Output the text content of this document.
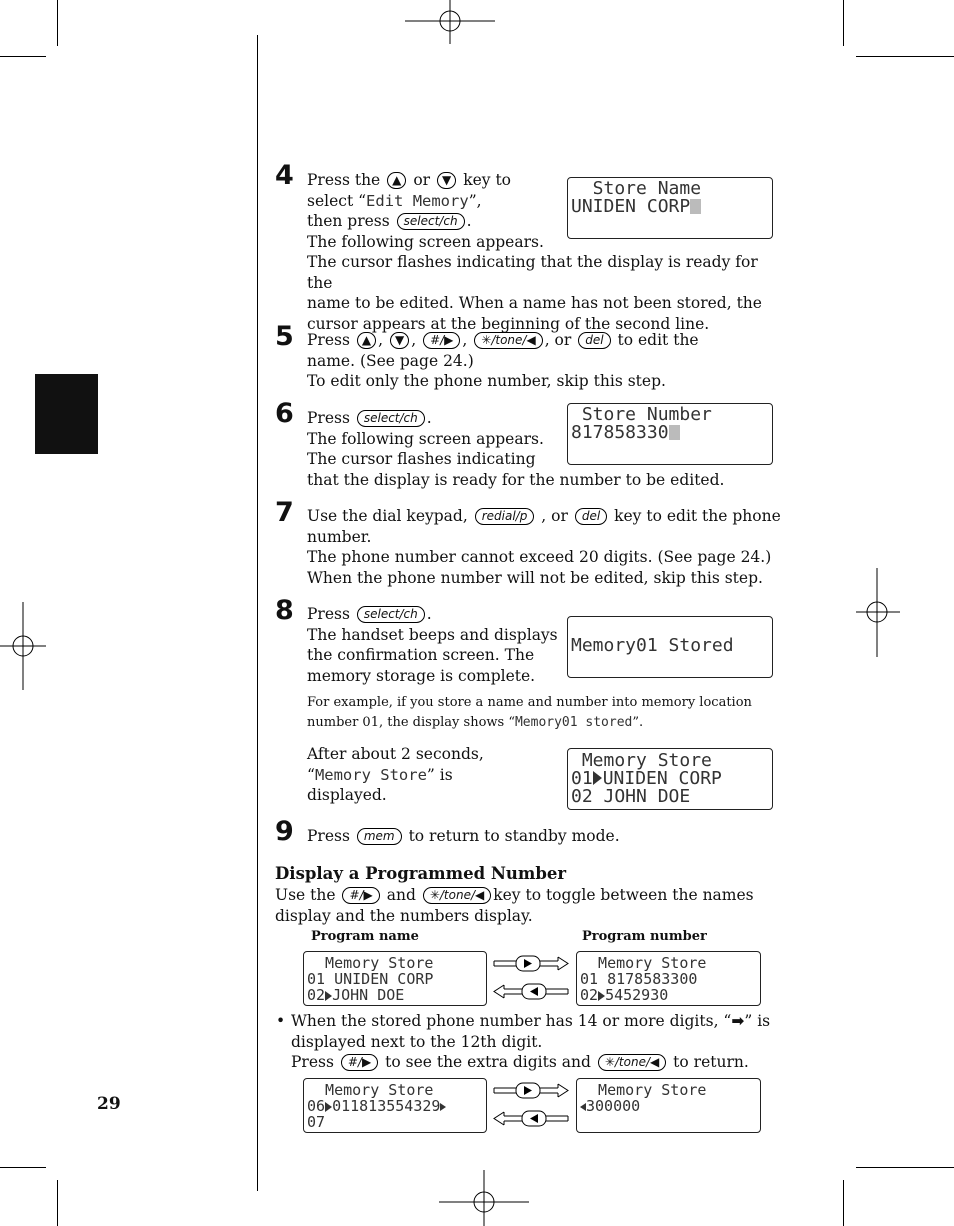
29
4 Press the ▲ or ▼ key to
select “Edit Memory”,
then press select/ch .
The following screen appears.
The cursor flashes indicating that the display is ready for the
name to be edited. When a name has not been stored, the
cursor appears at the beginning of the second line.
Store Name
UNIDEN CORP
5 Press ▲ , ▼ , #/▶ , ✳/tone/◀ , or del to edit the
name. (See page 24.)
To edit only the phone number, skip this step.
6 Press select/ch .
The following screen appears.
The cursor flashes indicating
that the display is ready for the number to be edited.
Store Number
817858330
7 Use the dial keypad, redial/p , or del key to edit the phone
number.
The phone number cannot exceed 20 digits. (See page 24.)
When the phone number will not be edited, skip this step.
8 Press select/ch .
The handset beeps and displays
the confirmation screen. The
memory storage is complete.
Memory01 Stored
For example, if you store a name and number into memory location
number 01, the display shows “Memory01 stored”.
After about 2 seconds,
“Memory Store” is
displayed.
Memory Store
01 UNIDEN CORP
02 JOHN DOE
9 Press mem to return to standby mode.
Display a Programmed Number
Use the #/▶ and ✳/tone/◀ key to toggle between the names
display and the numbers display.
Program name	Program number
Memory Store
01 UNIDEN CORP
02 JOHN DOE
Memory Store
01 8178583300
02 5452930
• When the stored phone number has 14 or more digits, “➡” is
displayed next to the 12th digit.
Press #/▶ to see the extra digits and ✳/tone/◀ to return.
Memory Store
06 011813554329
07
Memory Store
300000
